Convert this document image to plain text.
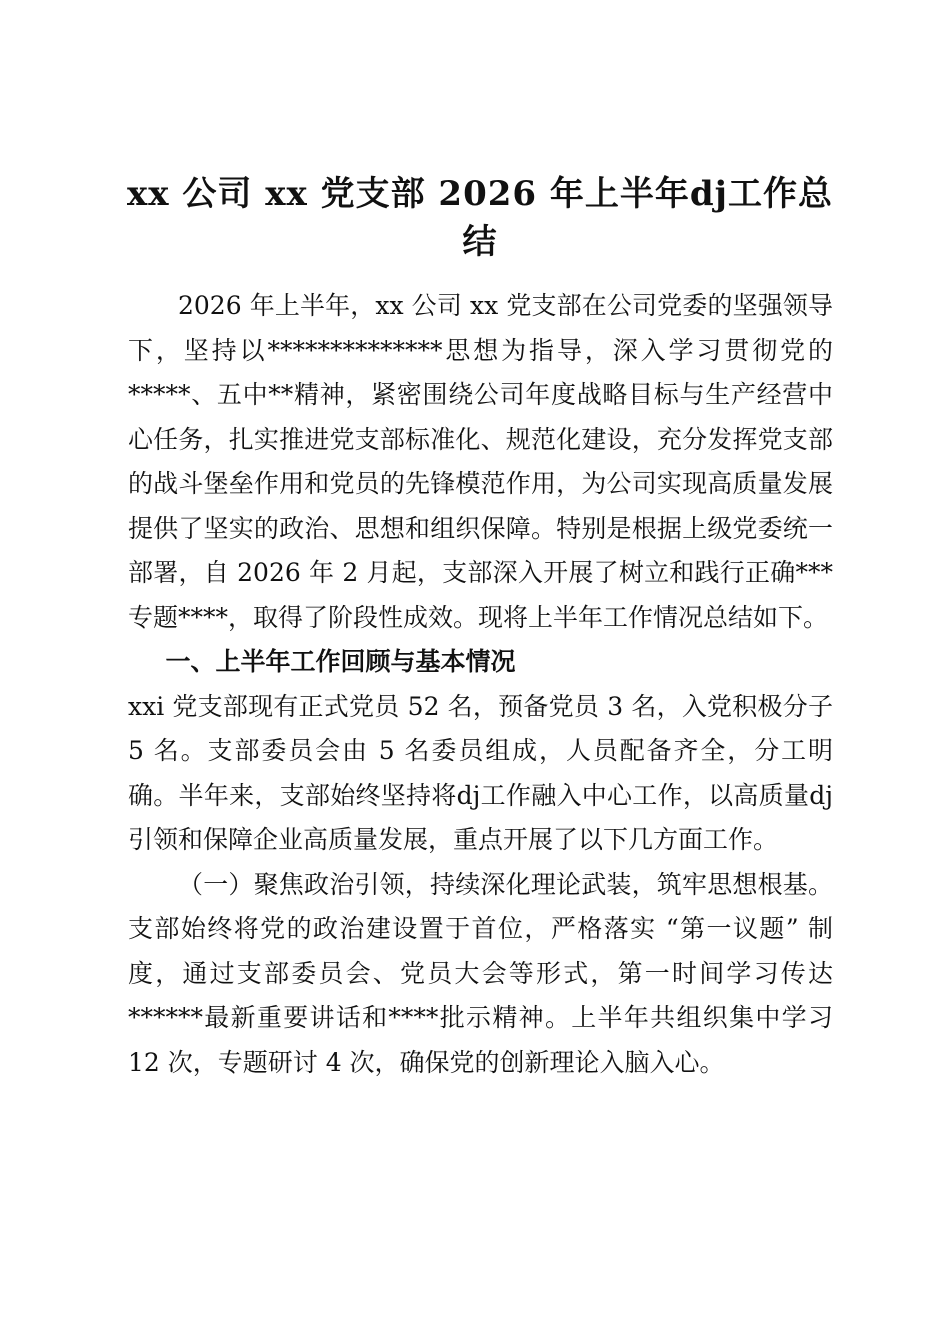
xx 公司 xx 党支部 2026 年上半年dj工作总结

2026 年上半年，xx 公司 xx 党支部在公司党委的坚强领导下，坚持以**************思想为指导，深入学习贯彻党的*****、五中**精神，紧密围绕公司年度战略目标与生产经营中心任务，扎实推进党支部标准化、规范化建设，充分发挥党支部的战斗堡垒作用和党员的先锋模范作用，为公司实现高质量发展提供了坚实的政治、思想和组织保障。特别是根据上级党委统一部署，自 2026 年 2 月起，支部深入开展了树立和践行正确***专题****，取得了阶段性成效。现将上半年工作情况总结如下。

一、上半年工作回顾与基本情况

xxi 党支部现有正式党员 52 名，预备党员 3 名，入党积极分子 5 名。支部委员会由 5 名委员组成，人员配备齐全，分工明确。半年来，支部始终坚持将dj工作融入中心工作，以高质量dj引领和保障企业高质量发展，重点开展了以下几方面工作。

（一）聚焦政治引领，持续深化理论武装，筑牢思想根基。支部始终将党的政治建设置于首位，严格落实 “第一议题” 制度，通过支部委员会、党员大会等形式，第一时间学习传达******最新重要讲话和****批示精神。上半年共组织集中学习 12 次，专题研讨 4 次，确保党的创新理论入脑入心。
